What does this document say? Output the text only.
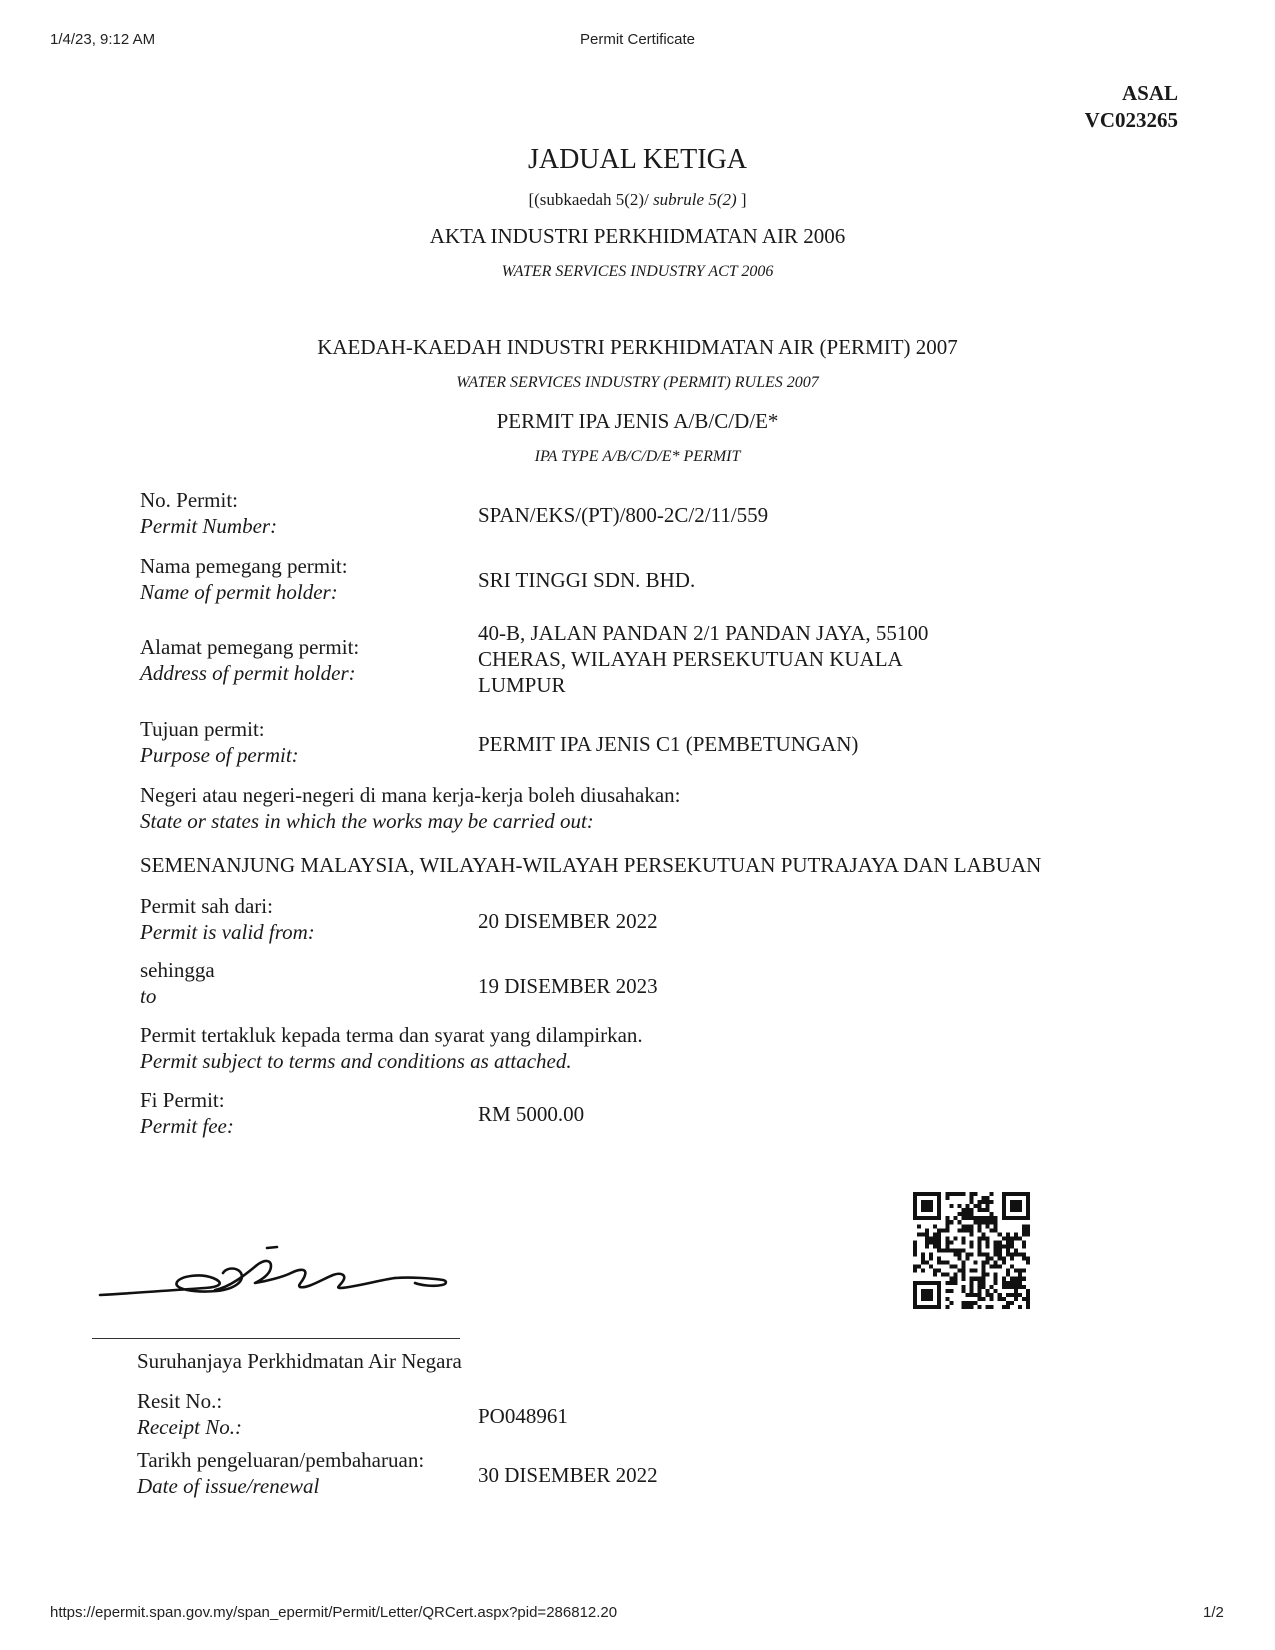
1/4/23, 9:12 AM	Permit Certificate
ASAL
VC023265
JADUAL KETIGA
[(subkaedah 5(2)/ subrule 5(2) ]
AKTA INDUSTRI PERKHIDMATAN AIR 2006
WATER SERVICES INDUSTRY ACT 2006
KAEDAH-KAEDAH INDUSTRI PERKHIDMATAN AIR (PERMIT) 2007
WATER SERVICES INDUSTRY (PERMIT) RULES 2007
PERMIT IPA JENIS A/B/C/D/E*
IPA TYPE A/B/C/D/E* PERMIT
No. Permit:
Permit Number:	SPAN/EKS/(PT)/800-2C/2/11/559
Nama pemegang permit:
Name of permit holder:	SRI TINGGI SDN. BHD.
Alamat pemegang permit:
Address of permit holder:
40-B, JALAN PANDAN 2/1 PANDAN JAYA, 55100
CHERAS, WILAYAH PERSEKUTUAN KUALA
LUMPUR
Tujuan permit:
Purpose of permit:	PERMIT IPA JENIS C1 (PEMBETUNGAN)
Negeri atau negeri-negeri di mana kerja-kerja boleh diusahakan:
State or states in which the works may be carried out:
SEMENANJUNG MALAYSIA, WILAYAH-WILAYAH PERSEKUTUAN PUTRAJAYA DAN LABUAN
Permit sah dari:
Permit is valid from:	20 DISEMBER 2022
sehingga
to	19 DISEMBER 2023
Permit tertakluk kepada terma dan syarat yang dilampirkan.
Permit subject to terms and conditions as attached.
Fi Permit:
Permit fee:	RM 5000.00
Suruhanjaya Perkhidmatan Air Negara
Resit No.:
Receipt No.:	PO048961
Tarikh pengeluaran/pembaharuan:
Date of issue/renewal	30 DISEMBER 2022
https://epermit.span.gov.my/span_epermit/Permit/Letter/QRCert.aspx?pid=286812.20	1/2
